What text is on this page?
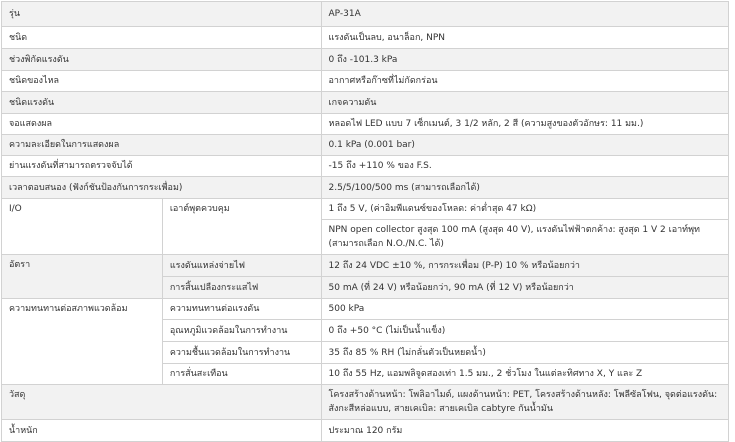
รุ่น		AP-31A
ชนิด		แรงดันเป็นลบ, อนาล็อก, NPN
ช่วงพิกัดแรงดัน		0 ถึง -101.3 kPa
ชนิดของไหล		อากาศหรือก๊าซที่ไม่กัดกร่อน
ชนิดแรงดัน		เกจความดัน
จอแสดงผล		หลอดไฟ LED แบบ 7 เซ็กเมนต์, 3 1/2 หลัก, 2 สี (ความสูงของตัวอักษร: 11 มม.)
ความละเอียดในการแสดงผล		0.1 kPa (0.001 bar)
ย่านแรงดันที่สามารถตรวจจับได้		-15 ถึง +110 % ของ F.S.
เวลาตอบสนอง (ฟังก์ชันป้องกันการกระเพื่อม)		2.5/5/100/500 ms (สามารถเลือกได้)
I/O	เอาต์พุตควบคุม	1 ถึง 5 V, (ค่าอิมพีแดนซ์ของโหลด: ค่าต่ำสุด 47 kΩ)
		NPN open collector สูงสุด 100 mA (สูงสุด 40 V), แรงดันไฟฟ้าตกค้าง: สูงสุด 1 V 2 เอาท์พุท (สามารถเลือก N.O./N.C. ได้)
อัตรา	แรงดันแหล่งจ่ายไฟ	12 ถึง 24 VDC ±10 %, การกระเพื่อม (P-P) 10 % หรือน้อยกว่า
	การสิ้นเปลืองกระแสไฟ	50 mA (ที่ 24 V) หรือน้อยกว่า, 90 mA (ที่ 12 V) หรือน้อยกว่า
ความทนทานต่อสภาพแวดล้อม	ความทนทานต่อแรงดัน	500 kPa
	อุณหภูมิแวดล้อมในการทำงาน	0 ถึง +50 °C (ไม่เป็นน้ำแข็ง)
	ความชื้นแวดล้อมในการทำงาน	35 ถึง 85 % RH (ไม่กลั่นตัวเป็นหยดน้ำ)
	การสั่นสะเทือน	10 ถึง 55 Hz, แอมพลิจูดสองเท่า 1.5 มม., 2 ชั่วโมง ในแต่ละทิศทาง X, Y และ Z
วัสดุ		โครงสร้างด้านหน้า: โพลิอาไมด์, แผงด้านหน้า: PET, โครงสร้างด้านหลัง: โพลีซัลโฟน, จุดต่อแรงดัน: สังกะสีหล่อแบบ, สายเคเบิล: สายเคเบิล cabtyre กันน้ำมัน
น้ำหนัก		ประมาณ 120 กรัม
